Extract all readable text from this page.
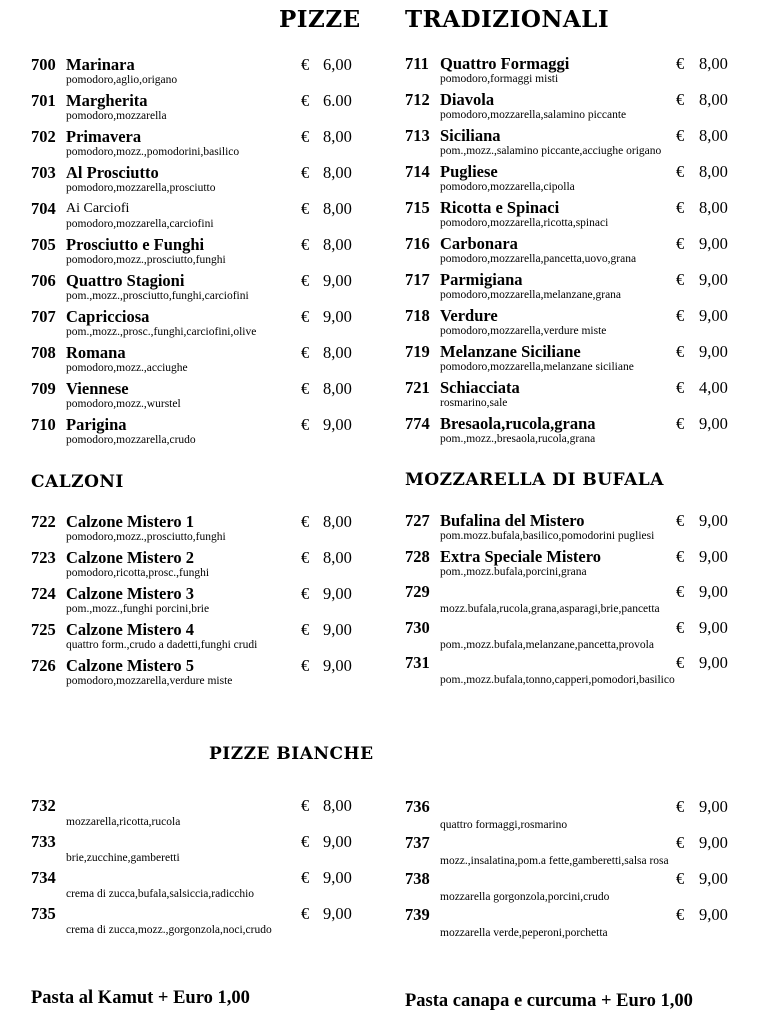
PIZZE TRADIZIONALI
CALZONI	MOZZARELLA DI BUFALA
PIZZE BIANCHE
700 Marinara	€ 6,00
pomodoro,aglio,origano
701 Margherita	€ 6.00
pomodoro,mozzarella
702 Primavera	€ 8,00
pomodoro,mozz.,pomodorini,basilico
703 Al Prosciutto	€ 8,00
pomodoro,mozzarella,prosciutto
704 Ai Carciofi	€ 8,00
pomodoro,mozzarella,carciofini
705 Prosciutto e Funghi	€ 8,00
pomodoro,mozz.,prosciutto,funghi
706 Quattro Stagioni	€ 9,00
pom.,mozz.,prosciutto,funghi,carciofini
707 Capricciosa	€ 9,00
pom.,mozz.,prosc.,funghi,carciofini,olive
708 Romana	€ 8,00
pomodoro,mozz.,acciughe
709 Viennese	€ 8,00
pomodoro,mozz.,wurstel
710 Parigina	€ 9,00
pomodoro,mozzarella,crudo
711 Quattro Formaggi	€ 8,00
pomodoro,formaggi misti
712 Diavola	€ 8,00
pomodoro,mozzarella,salamino piccante
713 Siciliana	€ 8,00
pom.,mozz.,salamino piccante,acciughe origano
714 Pugliese	€ 8,00
pomodoro,mozzarella,cipolla
715 Ricotta e Spinaci	€ 8,00
pomodoro,mozzarella,ricotta,spinaci
716 Carbonara	€ 9,00
pomodoro,mozzarella,pancetta,uovo,grana
717 Parmigiana	€ 9,00
pomodoro,mozzarella,melanzane,grana
718 Verdure	€ 9,00
pomodoro,mozzarella,verdure miste
719 Melanzane Siciliane	€ 9,00
pomodoro,mozzarella,melanzane siciliane
721 Schiacciata	€ 4,00
rosmarino,sale
774 Bresaola,rucola,grana	€ 9,00
pom.,mozz.,bresaola,rucola,grana
722 Calzone Mistero 1	€ 8,00
pomodoro,mozz.,prosciutto,funghi
723 Calzone Mistero 2	€ 8,00
pomodoro,ricotta,prosc.,funghi
724 Calzone Mistero 3	€ 9,00
pom.,mozz.,funghi porcini,brie
725 Calzone Mistero 4	€ 9,00
quattro form.,crudo a dadetti,funghi crudi
726 Calzone Mistero 5	€ 9,00
pomodoro,mozzarella,verdure miste
727 Bufalina del Mistero	€ 9,00
pom.mozz.bufala,basilico,pomodorini pugliesi
728 Extra Speciale Mistero	€ 9,00
pom.,mozz.bufala,porcini,grana
729	€ 9,00
mozz.bufala,rucola,grana,asparagi,brie,pancetta
730	€ 9,00
pom.,mozz.bufala,melanzane,pancetta,provola
731	€ 9,00
pom.,mozz.bufala,tonno,capperi,pomodori,basilico
732	€ 8,00
mozzarella,ricotta,rucola
733	€ 9,00
brie,zucchine,gamberetti
734	€ 9,00
crema di zucca,bufala,salsiccia,radicchio
735	€ 9,00
crema di zucca,mozz.,gorgonzola,noci,crudo
736	€ 9,00
quattro formaggi,rosmarino
737	€ 9,00
mozz.,insalatina,pom.a fette,gamberetti,salsa rosa
738	€ 9,00
mozzarella gorgonzola,porcini,crudo
739	€ 9,00
mozzarella verde,peperoni,porchetta
Pasta al Kamut + Euro 1,00	Pasta canapa e curcuma + Euro 1,00
